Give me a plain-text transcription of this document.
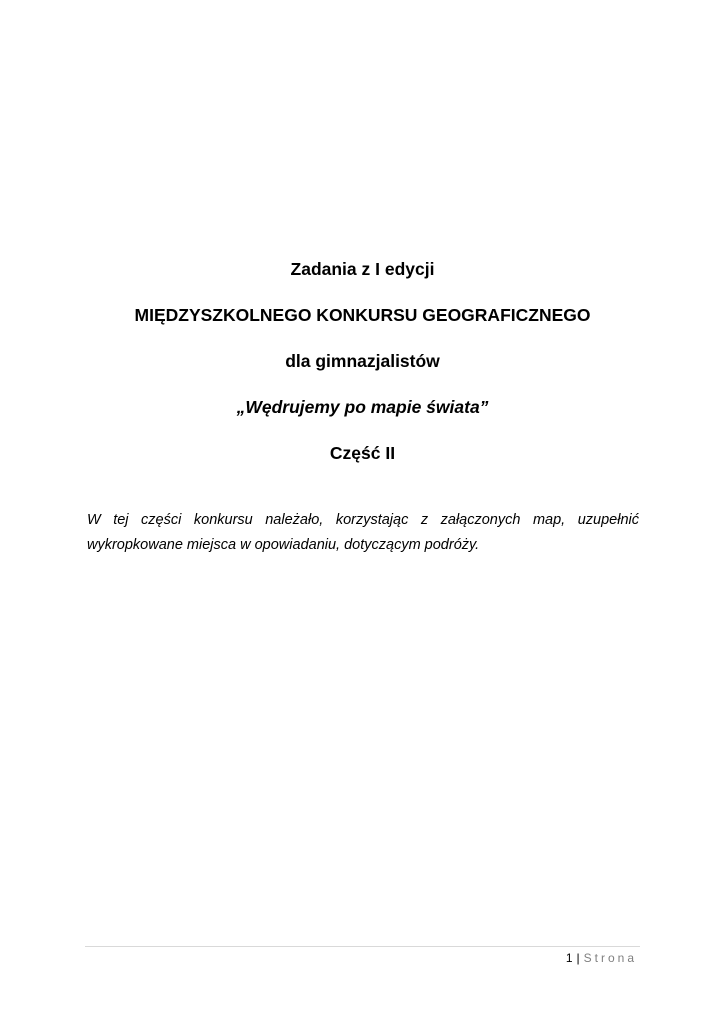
Zadania z I edycji

MIĘDZYSZKOLNEGO KONKURSU GEOGRAFICZNEGO

dla gimnazjalistów

„Wędrujemy po mapie świata”

Część II

W tej części konkursu należało, korzystając z załączonych map, uzupełnić wykropkowane miejsca w opowiadaniu, dotyczącym podróży.

1 | Strona
